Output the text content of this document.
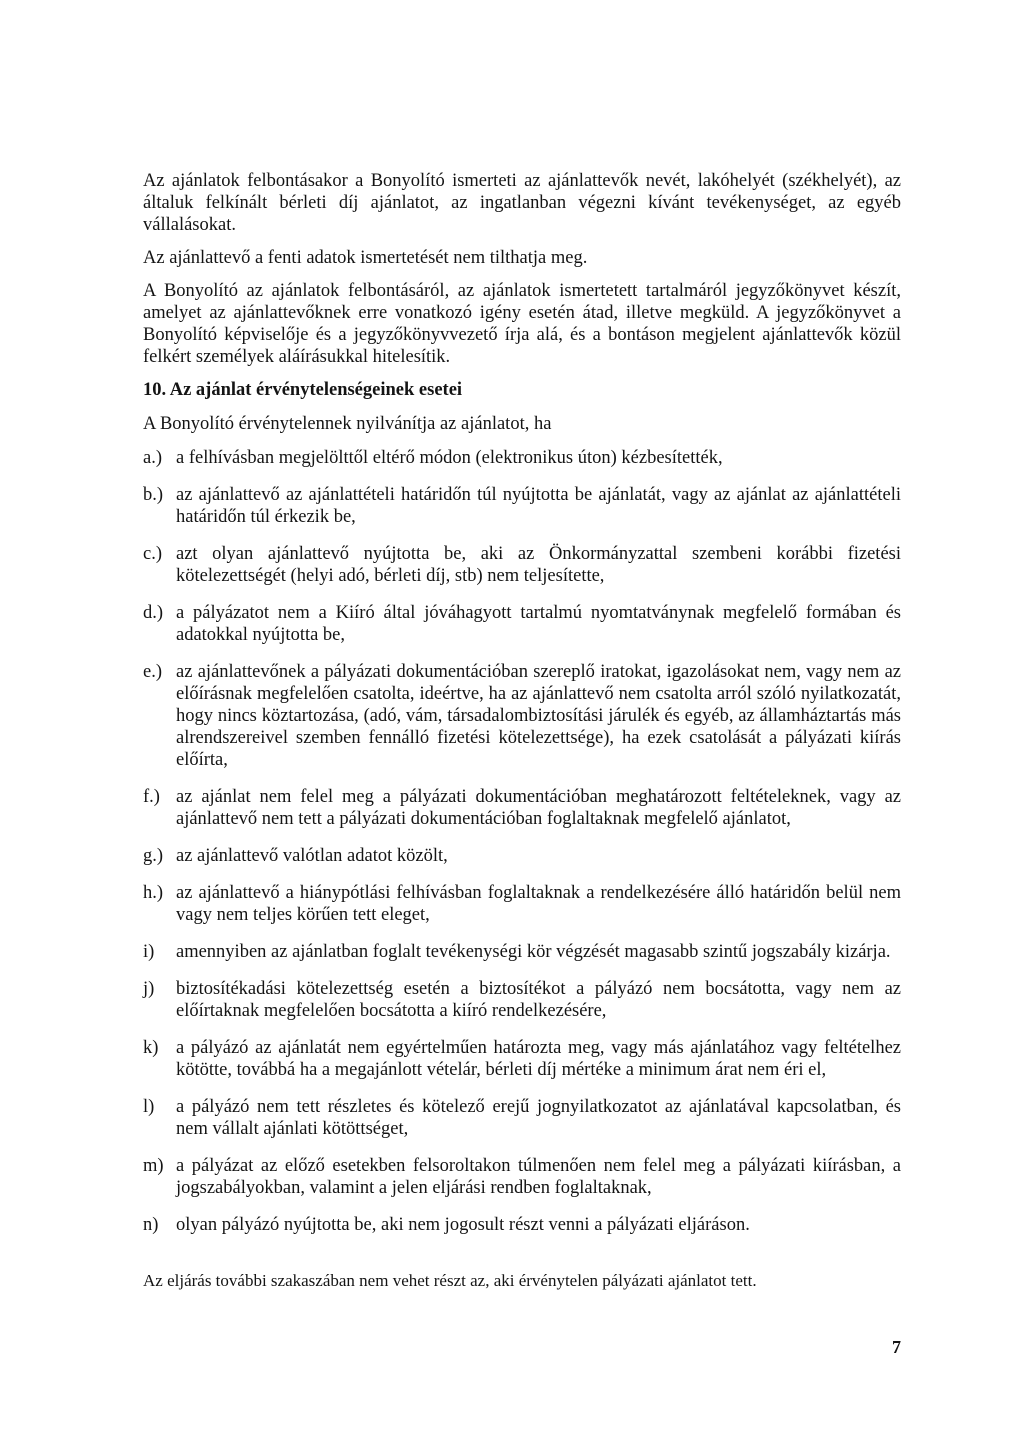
Az ajánlatok felbontásakor a Bonyolító ismerteti az ajánlattevők nevét, lakóhelyét (székhelyét), az általuk felkínált bérleti díj ajánlatot, az ingatlanban végezni kívánt tevékenységet, az egyéb vállalásokat.

Az ajánlattevő a fenti adatok ismertetését nem tilthatja meg.

A Bonyolító az ajánlatok felbontásáról, az ajánlatok ismertetett tartalmáról jegyzőkönyvet készít, amelyet az ajánlattevőknek erre vonatkozó igény esetén átad, illetve megküld. A jegyzőkönyvet a Bonyolító képviselője és a jegyzőkönyvvezető írja alá, és a bontáson megjelent ajánlattevők közül felkért személyek aláírásukkal hitelesítik.

10. Az ajánlat érvénytelenségeinek esetei

A Bonyolító érvénytelennek nyilvánítja az ajánlatot, ha

a.) a felhívásban megjelölttől eltérő módon (elektronikus úton) kézbesítették,
b.) az ajánlattevő az ajánlattételi határidőn túl nyújtotta be ajánlatát, vagy az ajánlat az ajánlattételi határidőn túl érkezik be,
c.) azt olyan ajánlattevő nyújtotta be, aki az Önkormányzattal szembeni korábbi fizetési kötelezettségét (helyi adó, bérleti díj, stb) nem teljesítette,
d.) a pályázatot nem a Kiíró által jóváhagyott tartalmú nyomtatványnak megfelelő formában és adatokkal nyújtotta be,
e.) az ajánlattevőnek a pályázati dokumentációban szereplő iratokat, igazolásokat nem, vagy nem az előírásnak megfelelően csatolta, ideértve, ha az ajánlattevő nem csatolta arról szóló nyilatkozatát, hogy nincs köztartozása, (adó, vám, társadalombiztosítási járulék és egyéb, az államháztartás más alrendszereivel szemben fennálló fizetési kötelezettsége), ha ezek csatolását a pályázati kiírás előírta,
f.) az ajánlat nem felel meg a pályázati dokumentációban meghatározott feltételeknek, vagy az ajánlattevő nem tett a pályázati dokumentációban foglaltaknak megfelelő ajánlatot,
g.) az ajánlattevő valótlan adatot közölt,
h.) az ajánlattevő a hiánypótlási felhívásban foglaltaknak a rendelkezésére álló határidőn belül nem vagy nem teljes körűen tett eleget,
i)	amennyiben az ajánlatban foglalt tevékenységi kör végzését magasabb szintű jogszabály kizárja.
j)	biztosítékadási kötelezettség esetén a biztosítékot a pályázó nem bocsátotta, vagy nem az előírtaknak megfelelően bocsátotta a kiíró rendelkezésére,
k) a pályázó az ajánlatát nem egyértelműen határozta meg, vagy más ajánlatához vagy feltételhez kötötte, továbbá ha a megajánlott vételár, bérleti díj mértéke a minimum árat nem éri el,
l)	a pályázó nem tett részletes és kötelező erejű jognyilatkozatot az ajánlatával kapcsolatban, és nem vállalt ajánlati kötöttséget,
m) a pályázat az előző esetekben felsoroltakon túlmenően nem felel meg a pályázati kiírásban, a jogszabályokban, valamint a jelen eljárási rendben foglaltaknak,
n) olyan pályázó nyújtotta be, aki nem jogosult részt venni a pályázati eljáráson.

Az eljárás további szakaszában nem vehet részt az, aki érvénytelen pályázati ajánlatot tett.

7
